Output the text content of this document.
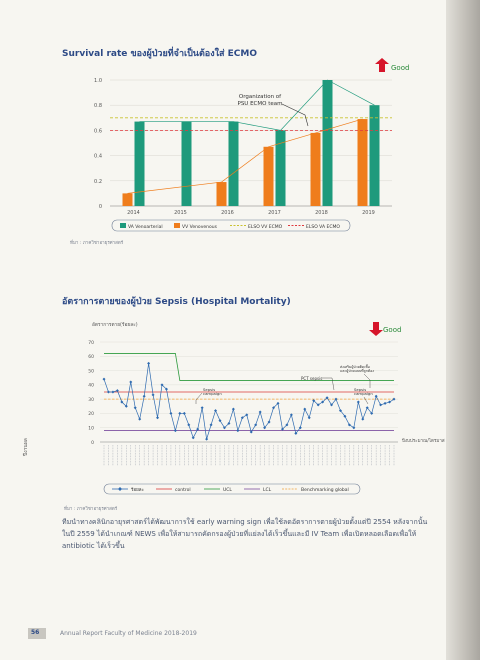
Survival rate ของผู้ป่วยที่จำเป็นต้องใส่ ECMO
0
0.2
0.4
0.6
0.8
1.0
2014	2015	2016	2017	2018	2019
Organization of
PSU ECMO team
Good
VA Venoarterial	VV Venovenous	ELSO VV ECMO	ELSO VA ECMO
ที่มา : ภาควิชาอายุรศาสตร์
อัตราการตายของผู้ป่วย Sepsis (Hospital Mortality)
อัตราการตาย(ร้อยละ)
0
10
20
30
40
50
60
70
ปีงบประมาณ/ไตรมาส
Good
Sepsis
campaign
PCT sepsis
ส่งเสริมผู้ป่วยติดเชื้อ
และผู้ป่วยแบบที่ถูกต้อง
Sepsis
campaign
ร้อยละ	control	UCL	LCL	Benchmarking global
ที่มา : ภาควิชาอายุรศาสตร์
ปีงานผล
ทีมนำทางคลินิกอายุรศาสตร์ได้พัฒนาการใช้ early warning sign เพื่อใช้ลดอัตราการตายผู้ป่วยตั้งแต่ปี 2554 หลังจากนั้นในปี 2559 ได้นำเกณฑ์ NEWS เพื่อให้สามารถคัดกรองผู้ป่วยที่แย่ลงได้เร็วขึ้นและมี IV Team เพื่อเปิดหลอดเลือดเพื่อให้ antibiotic ได้เร็วขึ้น
56	Annual Report Faculty of Medicine 2018-2019
